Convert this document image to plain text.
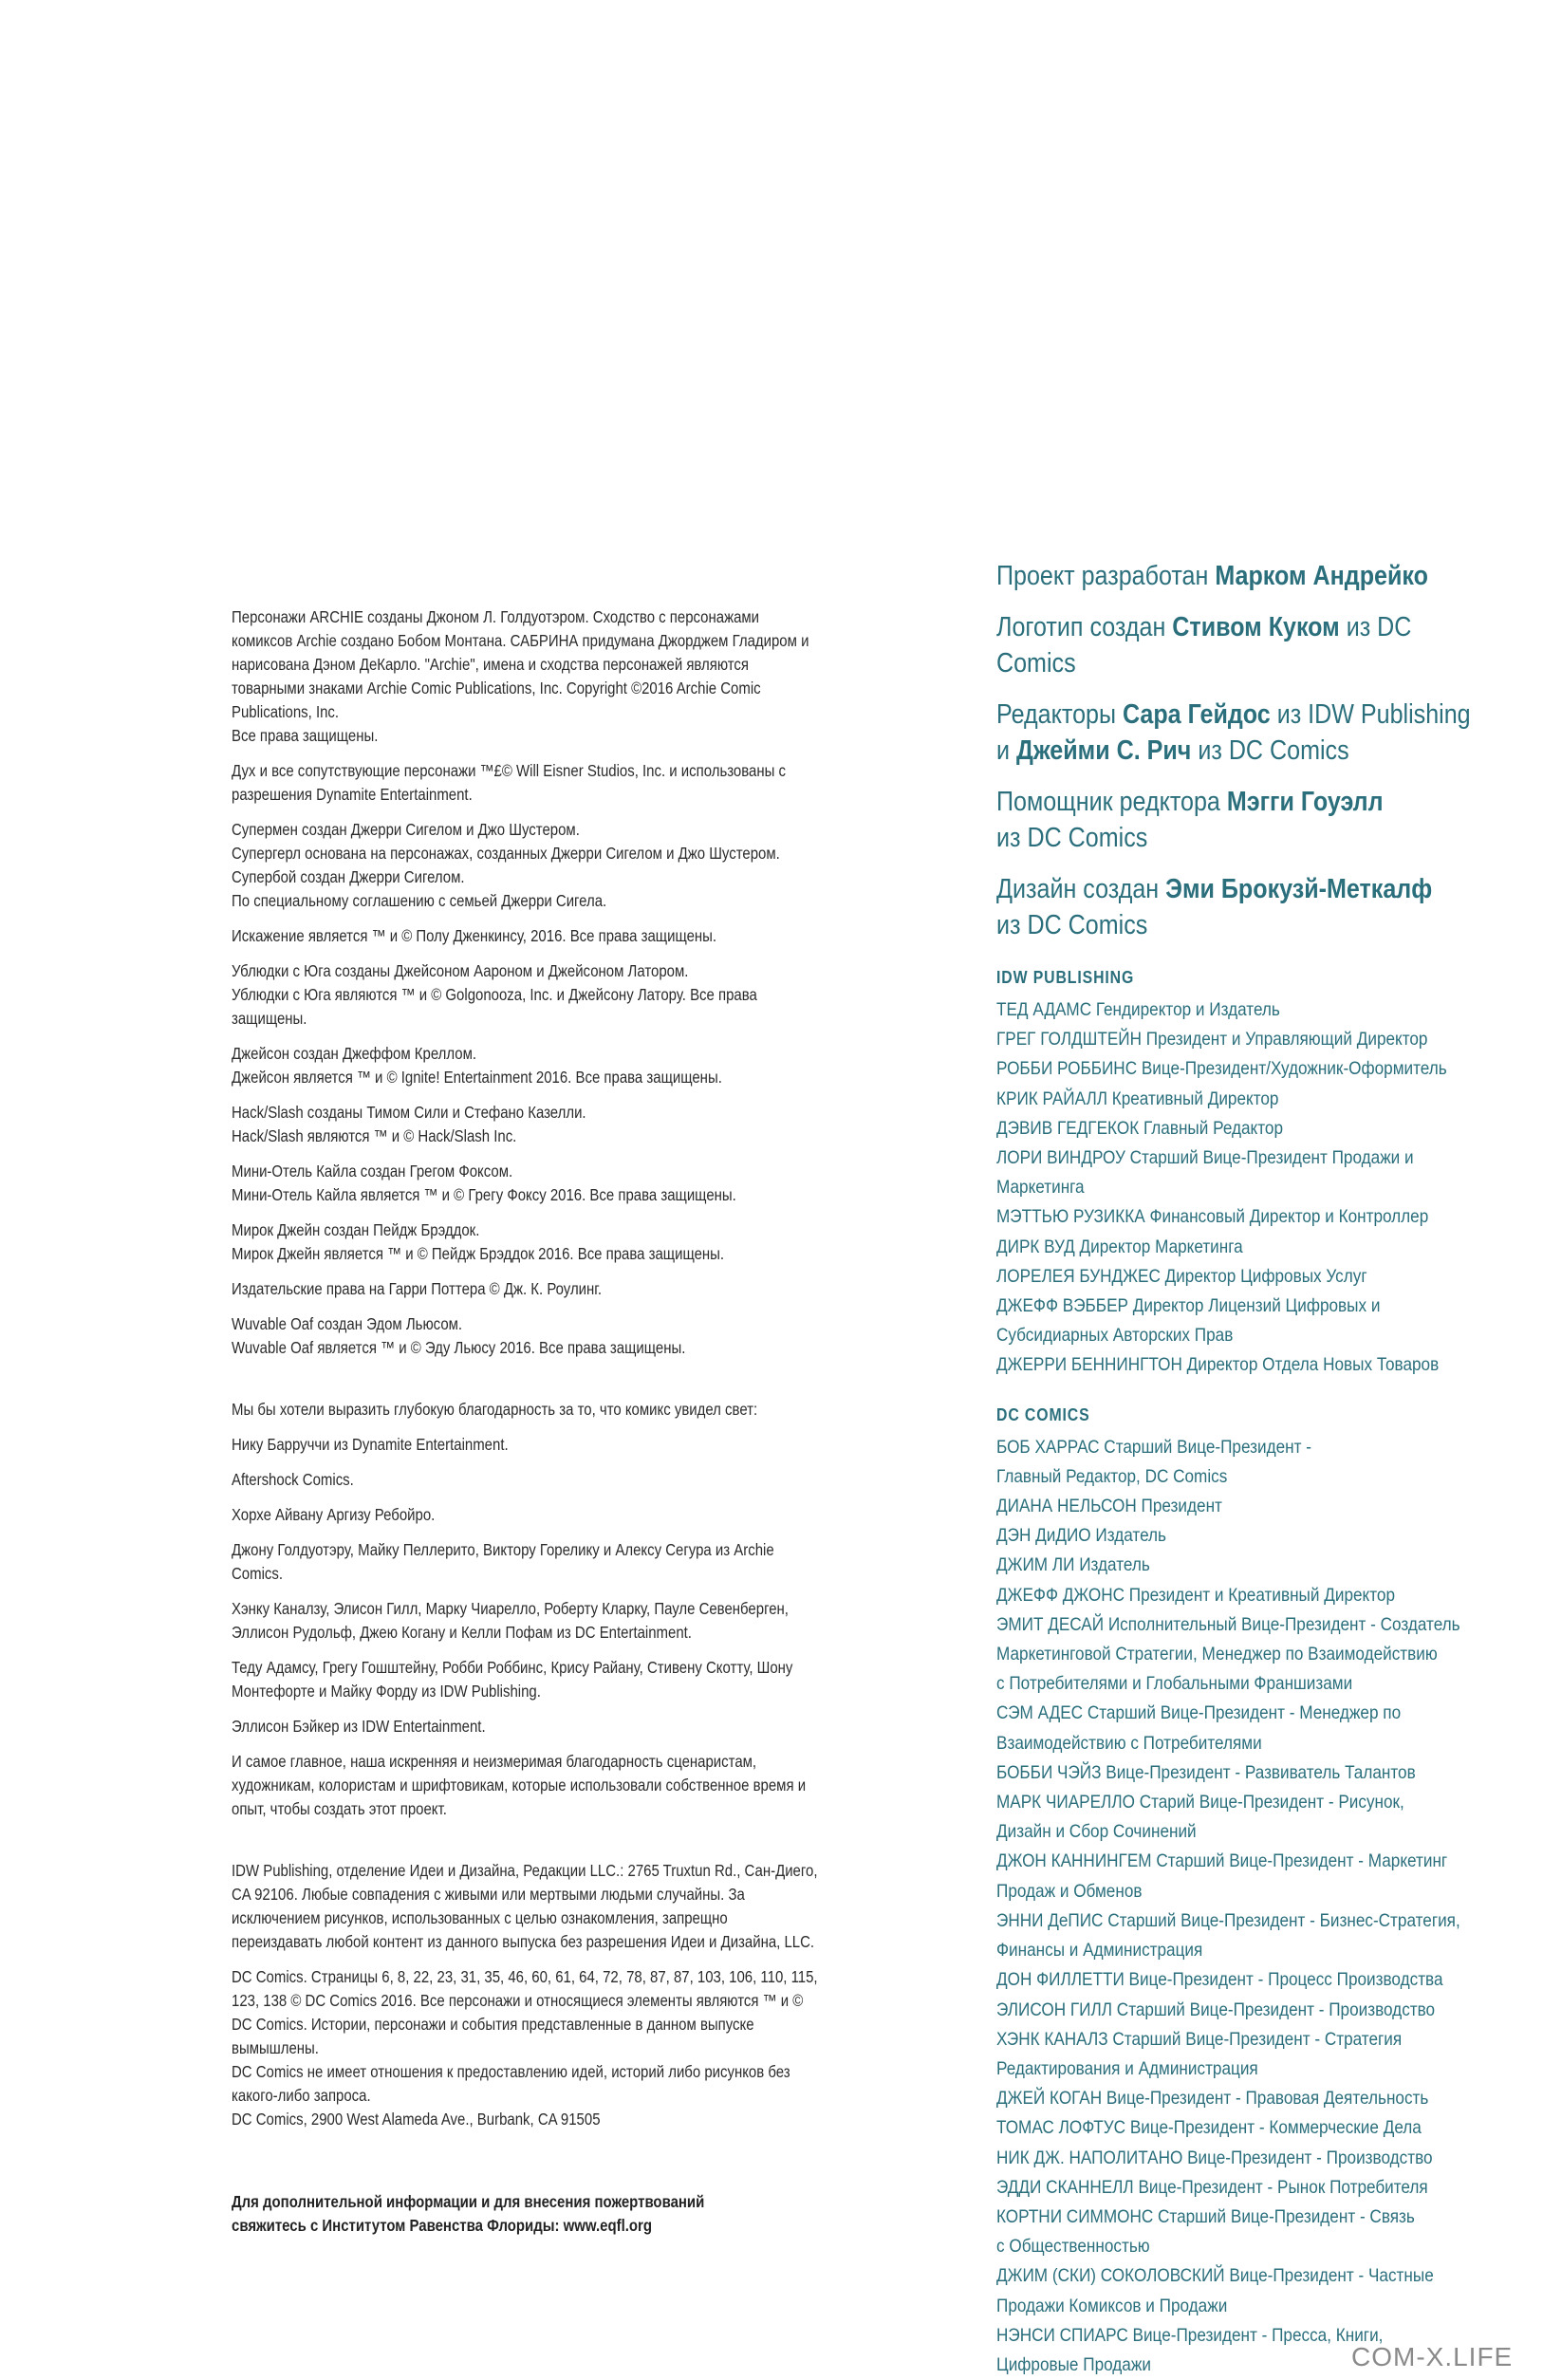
Персонажи ARCHIE созданы Джоном Л. Голдуотэром. Сходство с персонажами комиксов Archie создано Бобом Монтана. САБРИНА придумана Джорджем Гладиром и нарисована Дэном ДеКарло. "Archie", имена и сходства персонажей являются товарными знаками Archie Comic Publications, Inc. Copyright ©2016 Archie Comic Publications, Inc.
Все права защищены.

Дух и все сопутствующие персонажи ™£© Will Eisner Studios, Inc. и использованы с разрешения Dynamite Entertainment.

Супермен создан Джерри Сигелом и Джо Шустером.
Супергерл основана на персонажах, созданных Джерри Сигелом и Джо Шустером.
Супербой создан Джерри Сигелом.
По специальному соглашению с семьей Джерри Сигела.

Искажение является ™ и © Полу Дженкинсу, 2016. Все права защищены.

Ублюдки с Юга созданы Джейсоном Аароном и Джейсоном Латором.
Ублюдки с Юга являются ™ и © Golgonooza, Inc. и Джейсону Латору. Все права защищены.

Джейсон создан Джеффом Креллом.
Джейсон является ™ и © Ignite! Entertainment 2016. Все права защищены.

Hack/Slash созданы Тимом Сили и Стефано Казелли.
Hack/Slash являются ™ и © Hack/Slash Inc.

Мини-Отель Кайла создан Грегом Фоксом.
Мини-Отель Кайла является ™ и © Грегу Фоксу 2016. Все права защищены.

Мирок Джейн создан Пейдж Брэддок.
Мирок Джейн является ™ и © Пейдж Брэддок 2016. Все права защищены.

Издательские права на Гарри Поттера © Дж. К. Роулинг.

Wuvable Oaf создан Эдом Льюсом.
Wuvable Oaf является ™ и © Эду Льюсу 2016. Все права защищены.

Мы бы хотели выразить глубокую благодарность за то, что комикс увидел свет:

Нику Барруччи из Dynamite Entertainment.

Aftershock Comics.

Хорхе Айвану Аргизу Ребойро.

Джону Голдуотэру, Майку Пеллерито, Виктору Горелику и Алексу Сегура из Archie Comics.

Хэнку Каналзу, Элисон Гилл, Марку Чиарелло, Роберту Кларку, Пауле Севенберген, Эллисон Рудольф, Джею Когану и Келли Пофам из DC Entertainment.

Теду Адамсу, Грегу Гошштейну, Робби Роббинс, Крису Райану, Стивену Скотту, Шону Монтефорте и Майку Форду из IDW Publishing.

Эллисон Бэйкер из IDW Entertainment.

И самое главное, наша искренняя и неизмеримая благодарность сценаристам, художникам, колористам и шрифтовикам, которые использовали собственное время и опыт, чтобы создать этот проект.

IDW Publishing, отделение Идеи и Дизайна, Редакции LLC.: 2765 Truxtun Rd., Сан-Диего, CA 92106. Любые совпадения с живыми или мертвыми людьми случайны. За исключением рисунков, использованных с целью ознакомления, запрещно переиздавать любой контент из данного выпуска без разрешения Идеи и Дизайна, LLC.

DC Comics. Страницы 6, 8, 22, 23, 31, 35, 46, 60, 61, 64, 72, 78, 87, 87, 103, 106, 110, 115, 123, 138 © DC Comics 2016. Все персонажи и относящиеся элементы являются ™ и © DC Comics. Истории, персонажи и события представленные в данном выпуске вымышлены.
DC Comics не имеет отношения к предоставлению идей, историй либо рисунков без какого-либо запроса.
DC Comics, 2900 West Alameda Ave., Burbank, CA 91505

Для дополнительной информации и для внесения пожертвований
свяжитесь с Институтом Равенства Флориды: www.eqfl.org

Проект разработан Марком Андрейко
Логотип создан Стивом Куком из DC Comics
Редакторы Сара Гейдос из IDW Publishing
и Джейми С. Рич из DC Comics
Помощник редктора Мэгги Гоуэлл
из DC Comics
Дизайн создан Эми Брокузй-Меткалф
из DC Comics
IDW PUBLISHING
ТЕД АДАМС Гендиректор и Издатель
ГРЕГ ГОЛДШТЕЙН Президент и Управляющий Директор
РОББИ РОББИНС Вице-Президент/Художник-Оформитель
КРИК РАЙАЛЛ Креативный Директор
ДЭВИВ ГЕДГЕКОК Главный Редактор
ЛОРИ ВИНДРОУ Старший Вице-Президент Продажи и Маркетинга
МЭТТЬЮ РУЗИККА Финансовый Директор и Контроллер
ДИРК ВУД Директор Маркетинга
ЛОРЕЛЕЯ БУНДЖЕС Директор Цифровых Услуг
ДЖЕФФ ВЭББЕР Директор Лицензий Цифровых и
Субсидиарных Авторских Прав
ДЖЕРРИ БЕННИНГТОН Директор Отдела Новых Товаров
DC COMICS
БОБ ХАРРАС Старший Вице-Президент -
Главный Редактор, DC Comics
ДИАНА НЕЛЬСОН Президент
ДЭН ДиДИО Издатель
ДЖИМ ЛИ Издатель
ДЖЕФФ ДЖОНС Президент и Креативный Директор
ЭМИТ ДЕСАЙ Исполнительный Вице-Президент - Создатель
Маркетинговой Стратегии, Менеджер по Взаимодействию
с Потребителями и Глобальными Франшизами
СЭМ АДЕС Старший Вице-Президент - Менеджер по
Взаимодействию с Потребителями
БОББИ ЧЭЙЗ Вице-Президент - Развиватель Талантов
МАРК ЧИАРЕЛЛО Старий Вице-Президент - Рисунок,
Дизайн и Сбор Сочинений
ДЖОН КАННИНГЕМ Старший Вице-Президент - Маркетинг
Продаж и Обменов
ЭННИ ДеПИС Старший Вице-Президент - Бизнес-Стратегия,
Финансы и Администрация
ДОН ФИЛЛЕТТИ Вице-Президент - Процесс Производства
ЭЛИСОН ГИЛЛ Старший Вице-Президент - Производство
ХЭНК КАНАЛЗ Старший Вице-Президент - Стратегия
Редактирования и Администрация
ДЖЕЙ КОГАН Вице-Президент - Правовая Деятельность
ТОМАС ЛОФТУС Вице-Президент - Коммерческие Дела
НИК ДЖ. НАПОЛИТАНО Вице-Президент - Производство
ЭДДИ СКАННЕЛЛ Вице-Президент - Рынок Потребителя
КОРТНИ СИММОНС Старший Вице-Президент - Связь
с Общественностью
ДЖИМ (СКИ) СОКОЛОВСКИЙ Вице-Президент - Частные
Продажи Комиксов и Продажи
НЭНСИ СПИАРС Вице-Президент - Пресса, Книги,
Цифровые Продажи	COM-X.LIFE
